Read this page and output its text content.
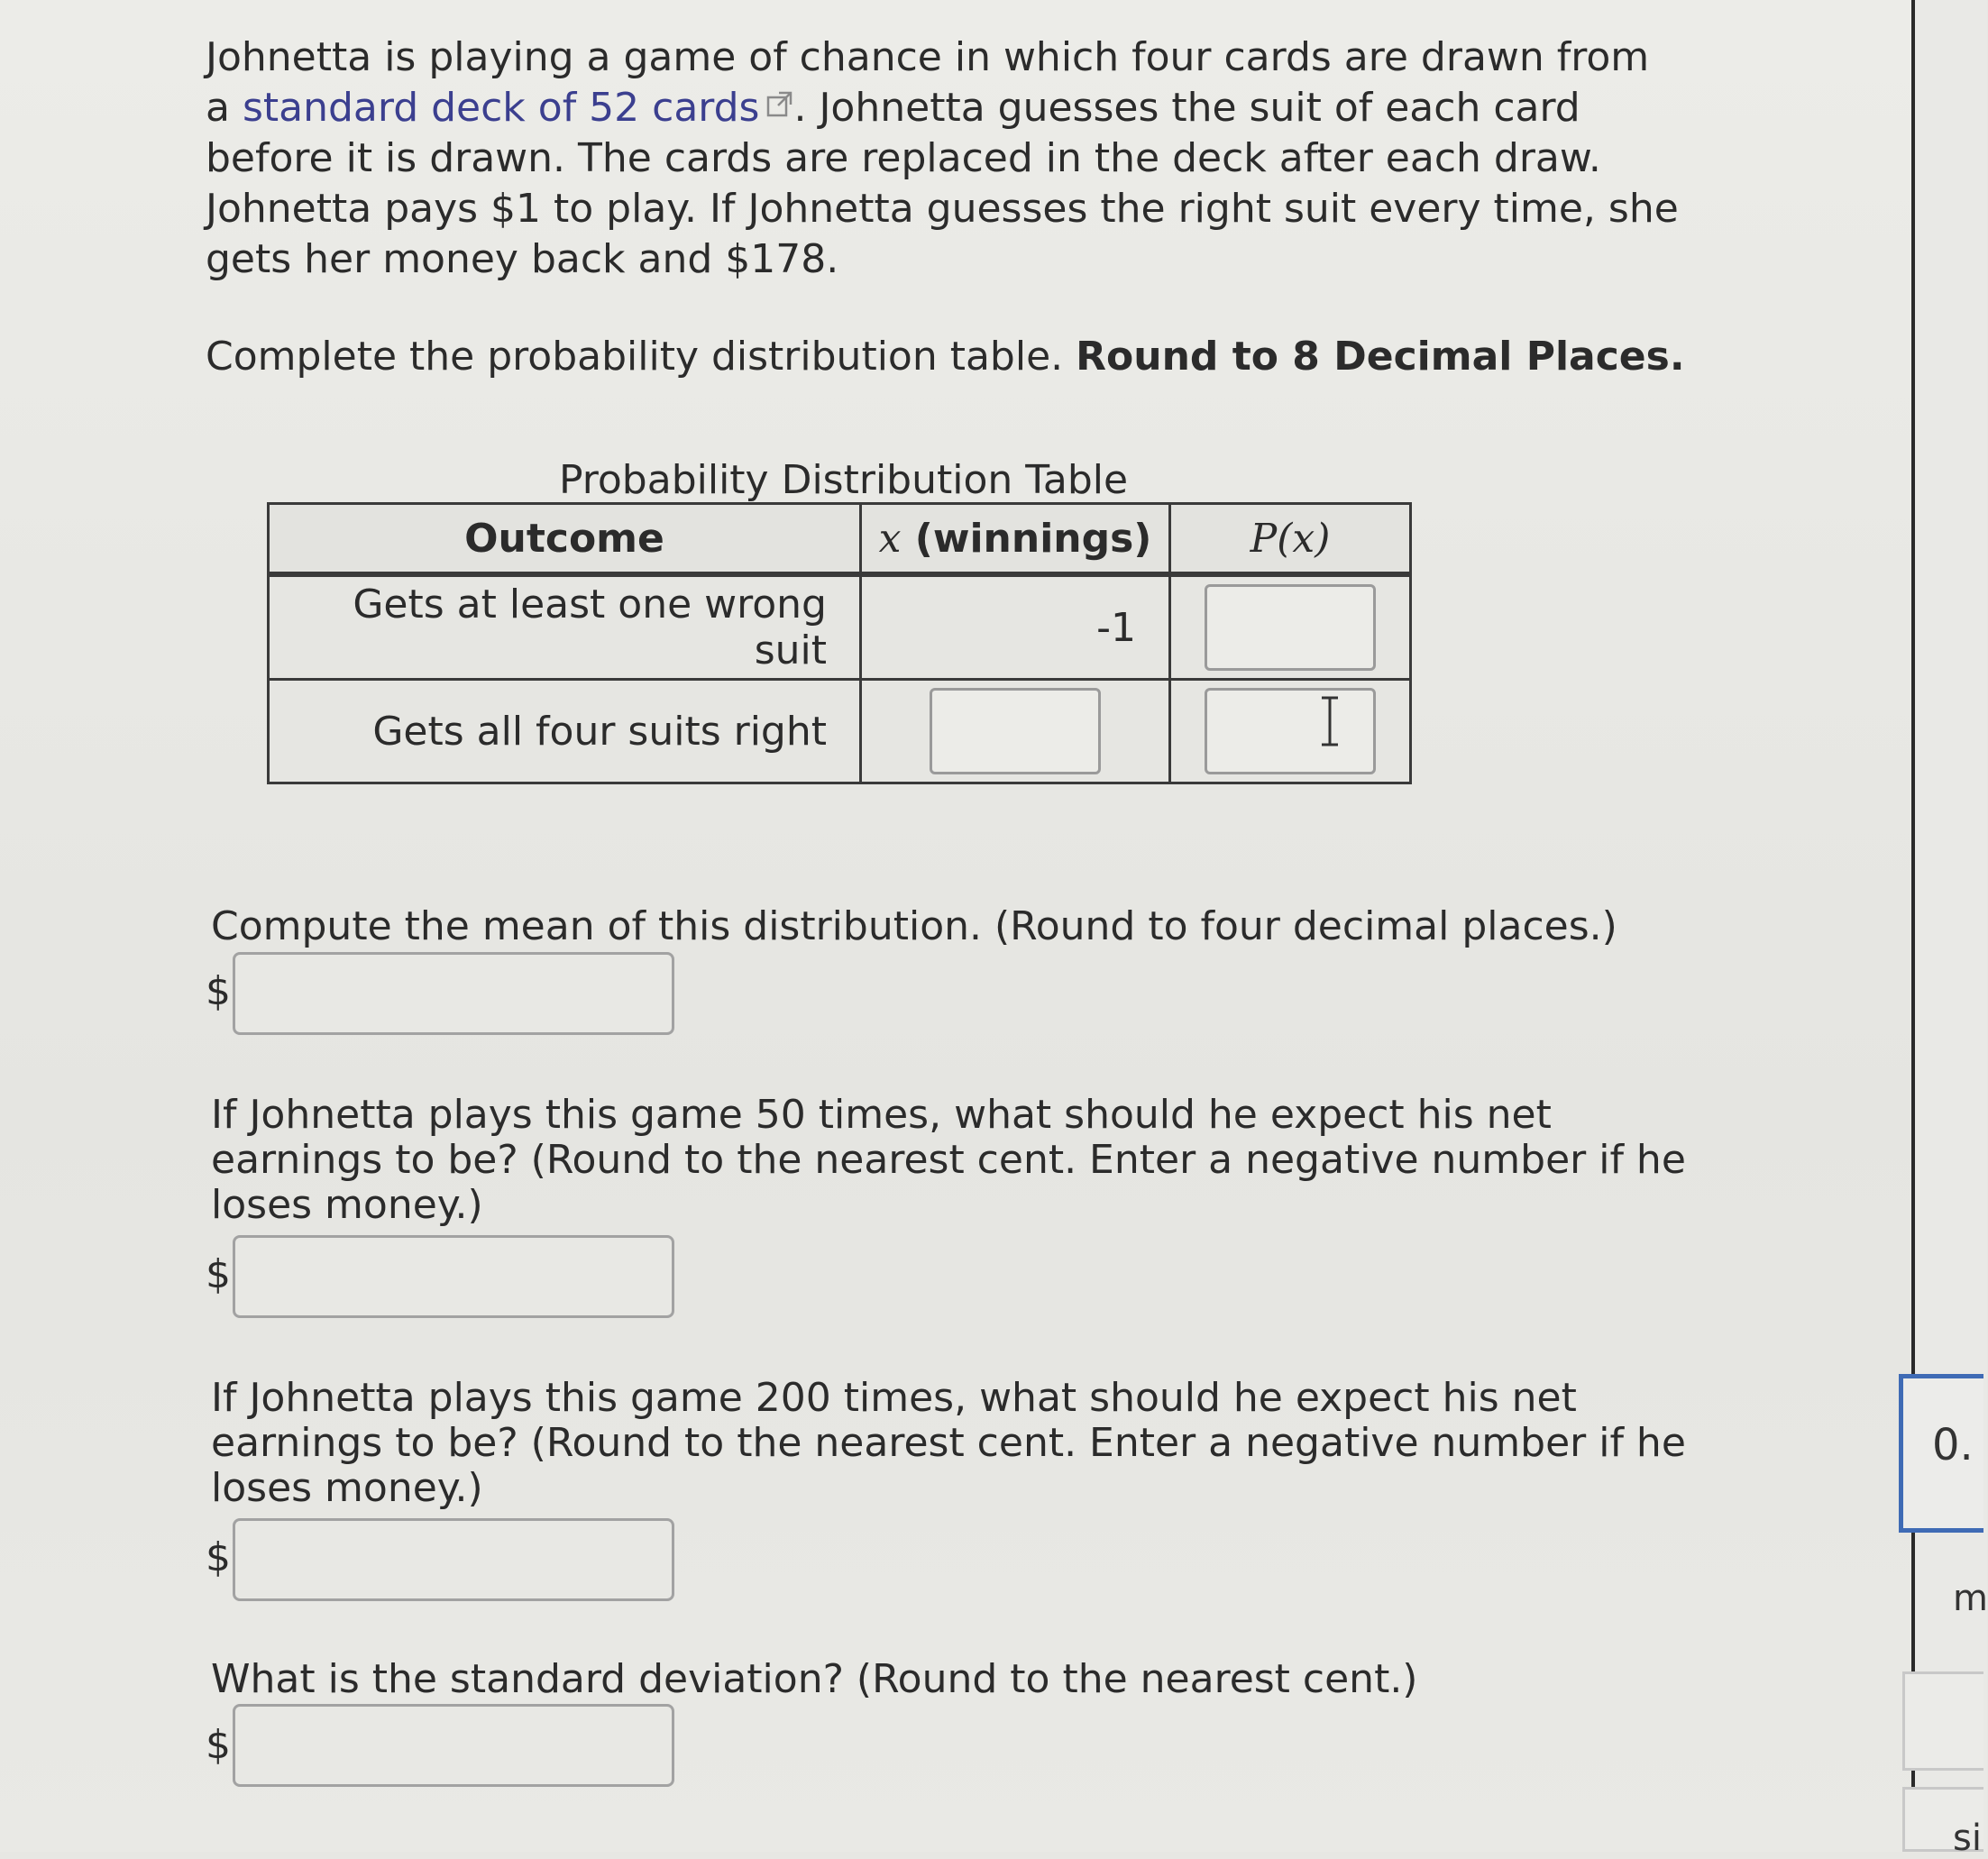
Johnetta is playing a game of chance in which four cards are drawn from a standard deck of 52 cards . Johnetta guesses the suit of each card before it is drawn. The cards are replaced in the deck after each draw. Johnetta pays $1 to play. If Johnetta guesses the right suit every time, she gets her money back and $178.

Complete the probability distribution table. Round to 8 Decimal Places.

Probability Distribution Table

Outcome	x (winnings)	P(x)
Gets at least one wrong suit	-1	

Gets all four suits right	

Compute the mean of this distribution. (Round to four decimal places.)

$

If Johnetta plays this game 50 times, what should he expect his net earnings to be? (Round to the nearest cent. Enter a negative number if he loses money.)

$

If Johnetta plays this game 200 times, what should he expect his net earnings to be? (Round to the nearest cent. Enter a negative number if he loses money.)

$

What is the standard deviation? (Round to the nearest cent.)

$
0.
m
si
